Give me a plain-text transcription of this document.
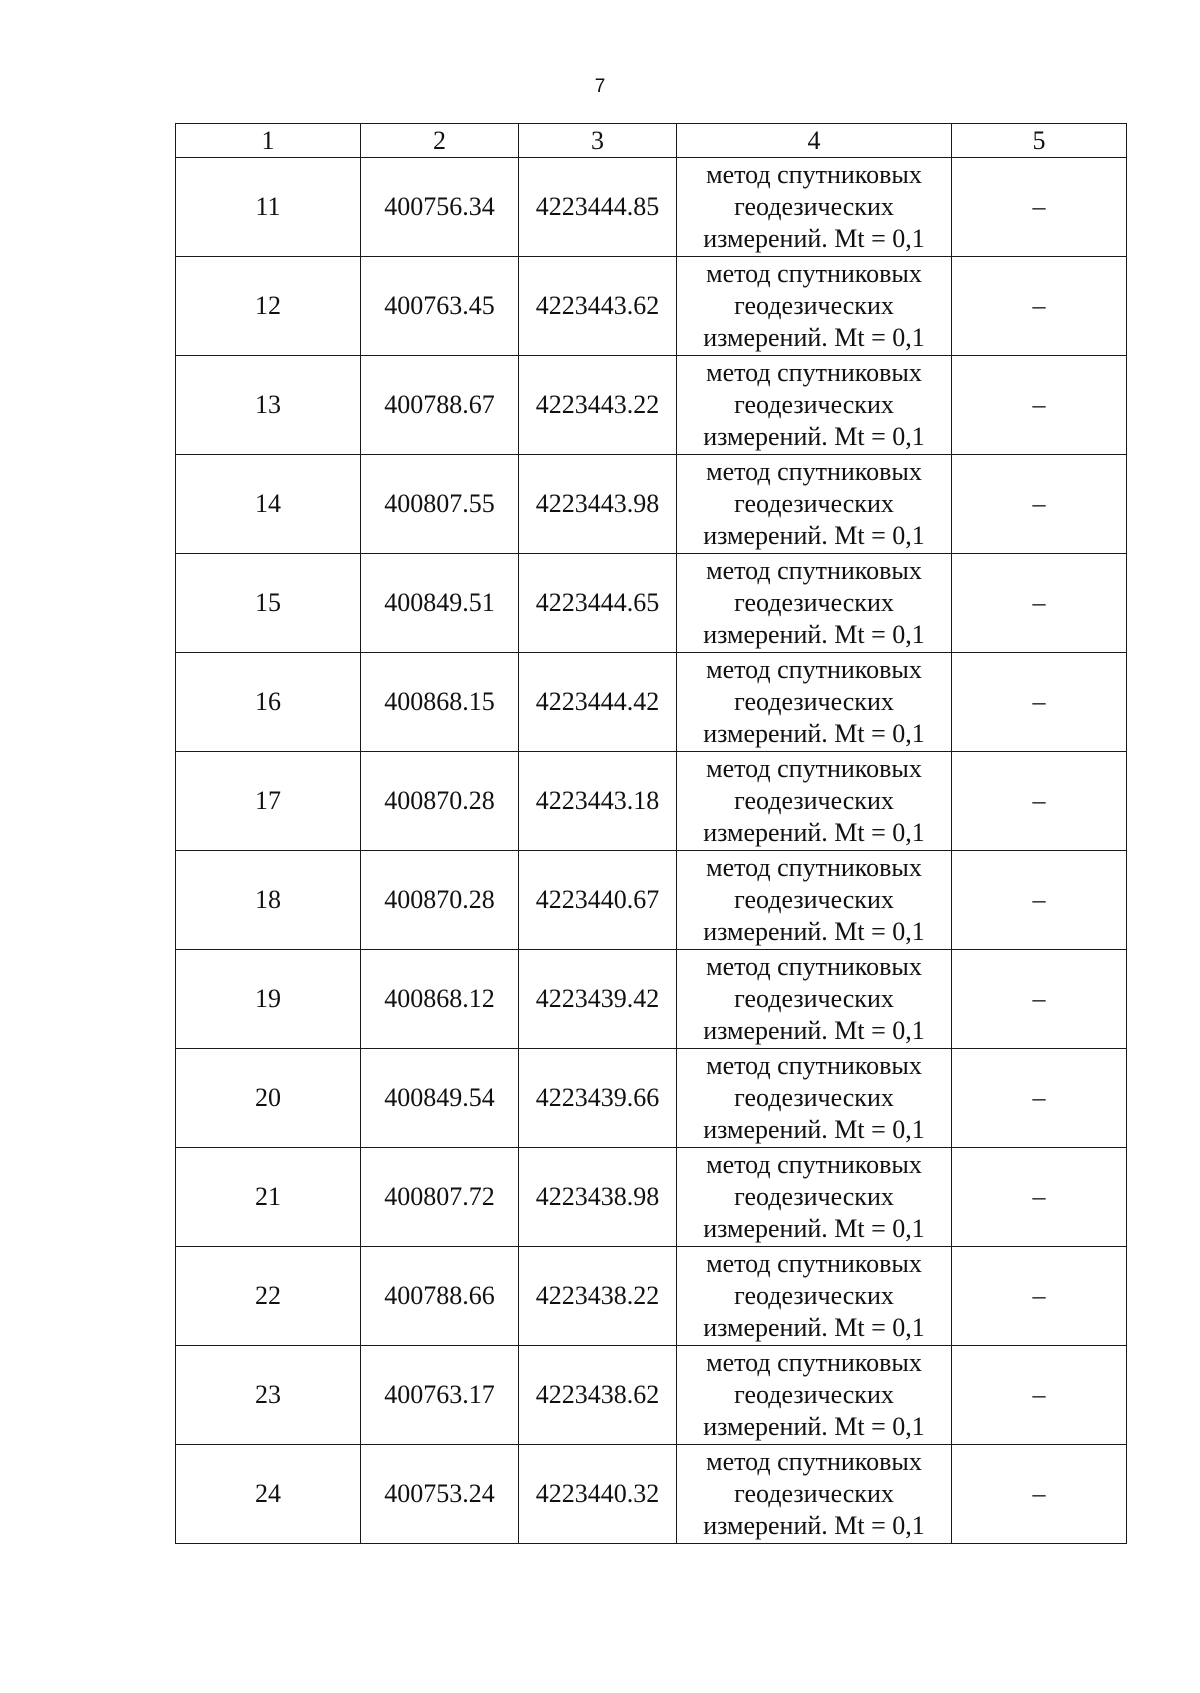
7
1	2	3	4	5
11	400756.34	4223444.85	метод спутниковых
геодезических
измерений. Mt = 0,1	–
12	400763.45	4223443.62	метод спутниковых
геодезических
измерений. Mt = 0,1	–
13	400788.67	4223443.22	метод спутниковых
геодезических
измерений. Mt = 0,1	–
14	400807.55	4223443.98	метод спутниковых
геодезических
измерений. Mt = 0,1	–
15	400849.51	4223444.65	метод спутниковых
геодезических
измерений. Mt = 0,1	–
16	400868.15	4223444.42	метод спутниковых
геодезических
измерений. Mt = 0,1	–
17	400870.28	4223443.18	метод спутниковых
геодезических
измерений. Mt = 0,1	–
18	400870.28	4223440.67	метод спутниковых
геодезических
измерений. Mt = 0,1	–
19	400868.12	4223439.42	метод спутниковых
геодезических
измерений. Mt = 0,1	–
20	400849.54	4223439.66	метод спутниковых
геодезических
измерений. Mt = 0,1	–
21	400807.72	4223438.98	метод спутниковых
геодезических
измерений. Mt = 0,1	–
22	400788.66	4223438.22	метод спутниковых
геодезических
измерений. Mt = 0,1	–
23	400763.17	4223438.62	метод спутниковых
геодезических
измерений. Mt = 0,1	–
24	400753.24	4223440.32	метод спутниковых
геодезических
измерений. Mt = 0,1	–
